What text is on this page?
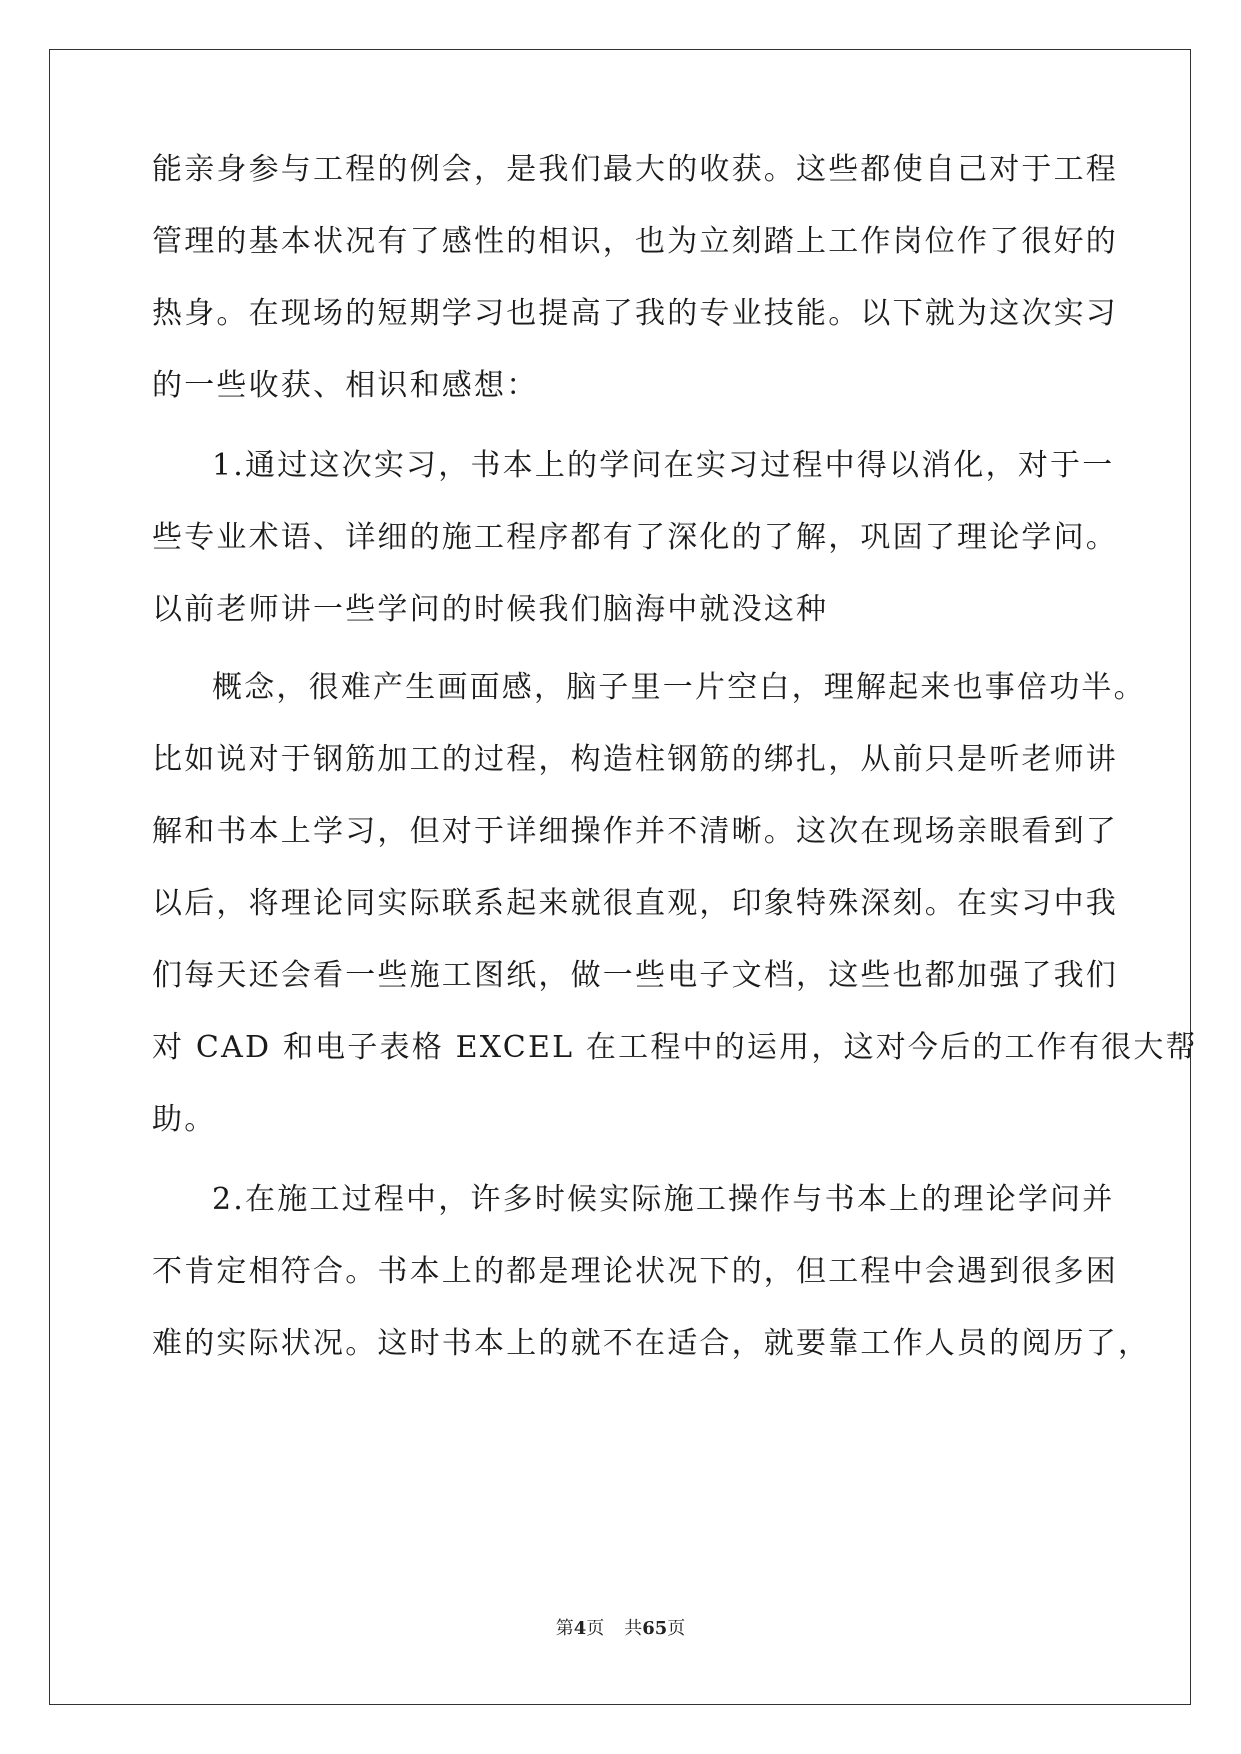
能亲身参与工程的例会，是我们最大的收获。这些都使自己对于工程
管理的基本状况有了感性的相识，也为立刻踏上工作岗位作了很好的
热身。在现场的短期学习也提高了我的专业技能。以下就为这次实习
的一些收获、相识和感想：
1.通过这次实习，书本上的学问在实习过程中得以消化，对于一
些专业术语、详细的施工程序都有了深化的了解，巩固了理论学问。
以前老师讲一些学问的时候我们脑海中就没这种
概念，很难产生画面感，脑子里一片空白，理解起来也事倍功半。
比如说对于钢筋加工的过程，构造柱钢筋的绑扎，从前只是听老师讲
解和书本上学习，但对于详细操作并不清晰。这次在现场亲眼看到了
以后，将理论同实际联系起来就很直观，印象特殊深刻。在实习中我
们每天还会看一些施工图纸，做一些电子文档，这些也都加强了我们
对 CAD 和电子表格 EXCEL 在工程中的运用，这对今后的工作有很大帮
助。
2.在施工过程中，许多时候实际施工操作与书本上的理论学问并
不肯定相符合。书本上的都是理论状况下的，但工程中会遇到很多困
难的实际状况。这时书本上的就不在适合，就要靠工作人员的阅历了，
第4页 共65页
